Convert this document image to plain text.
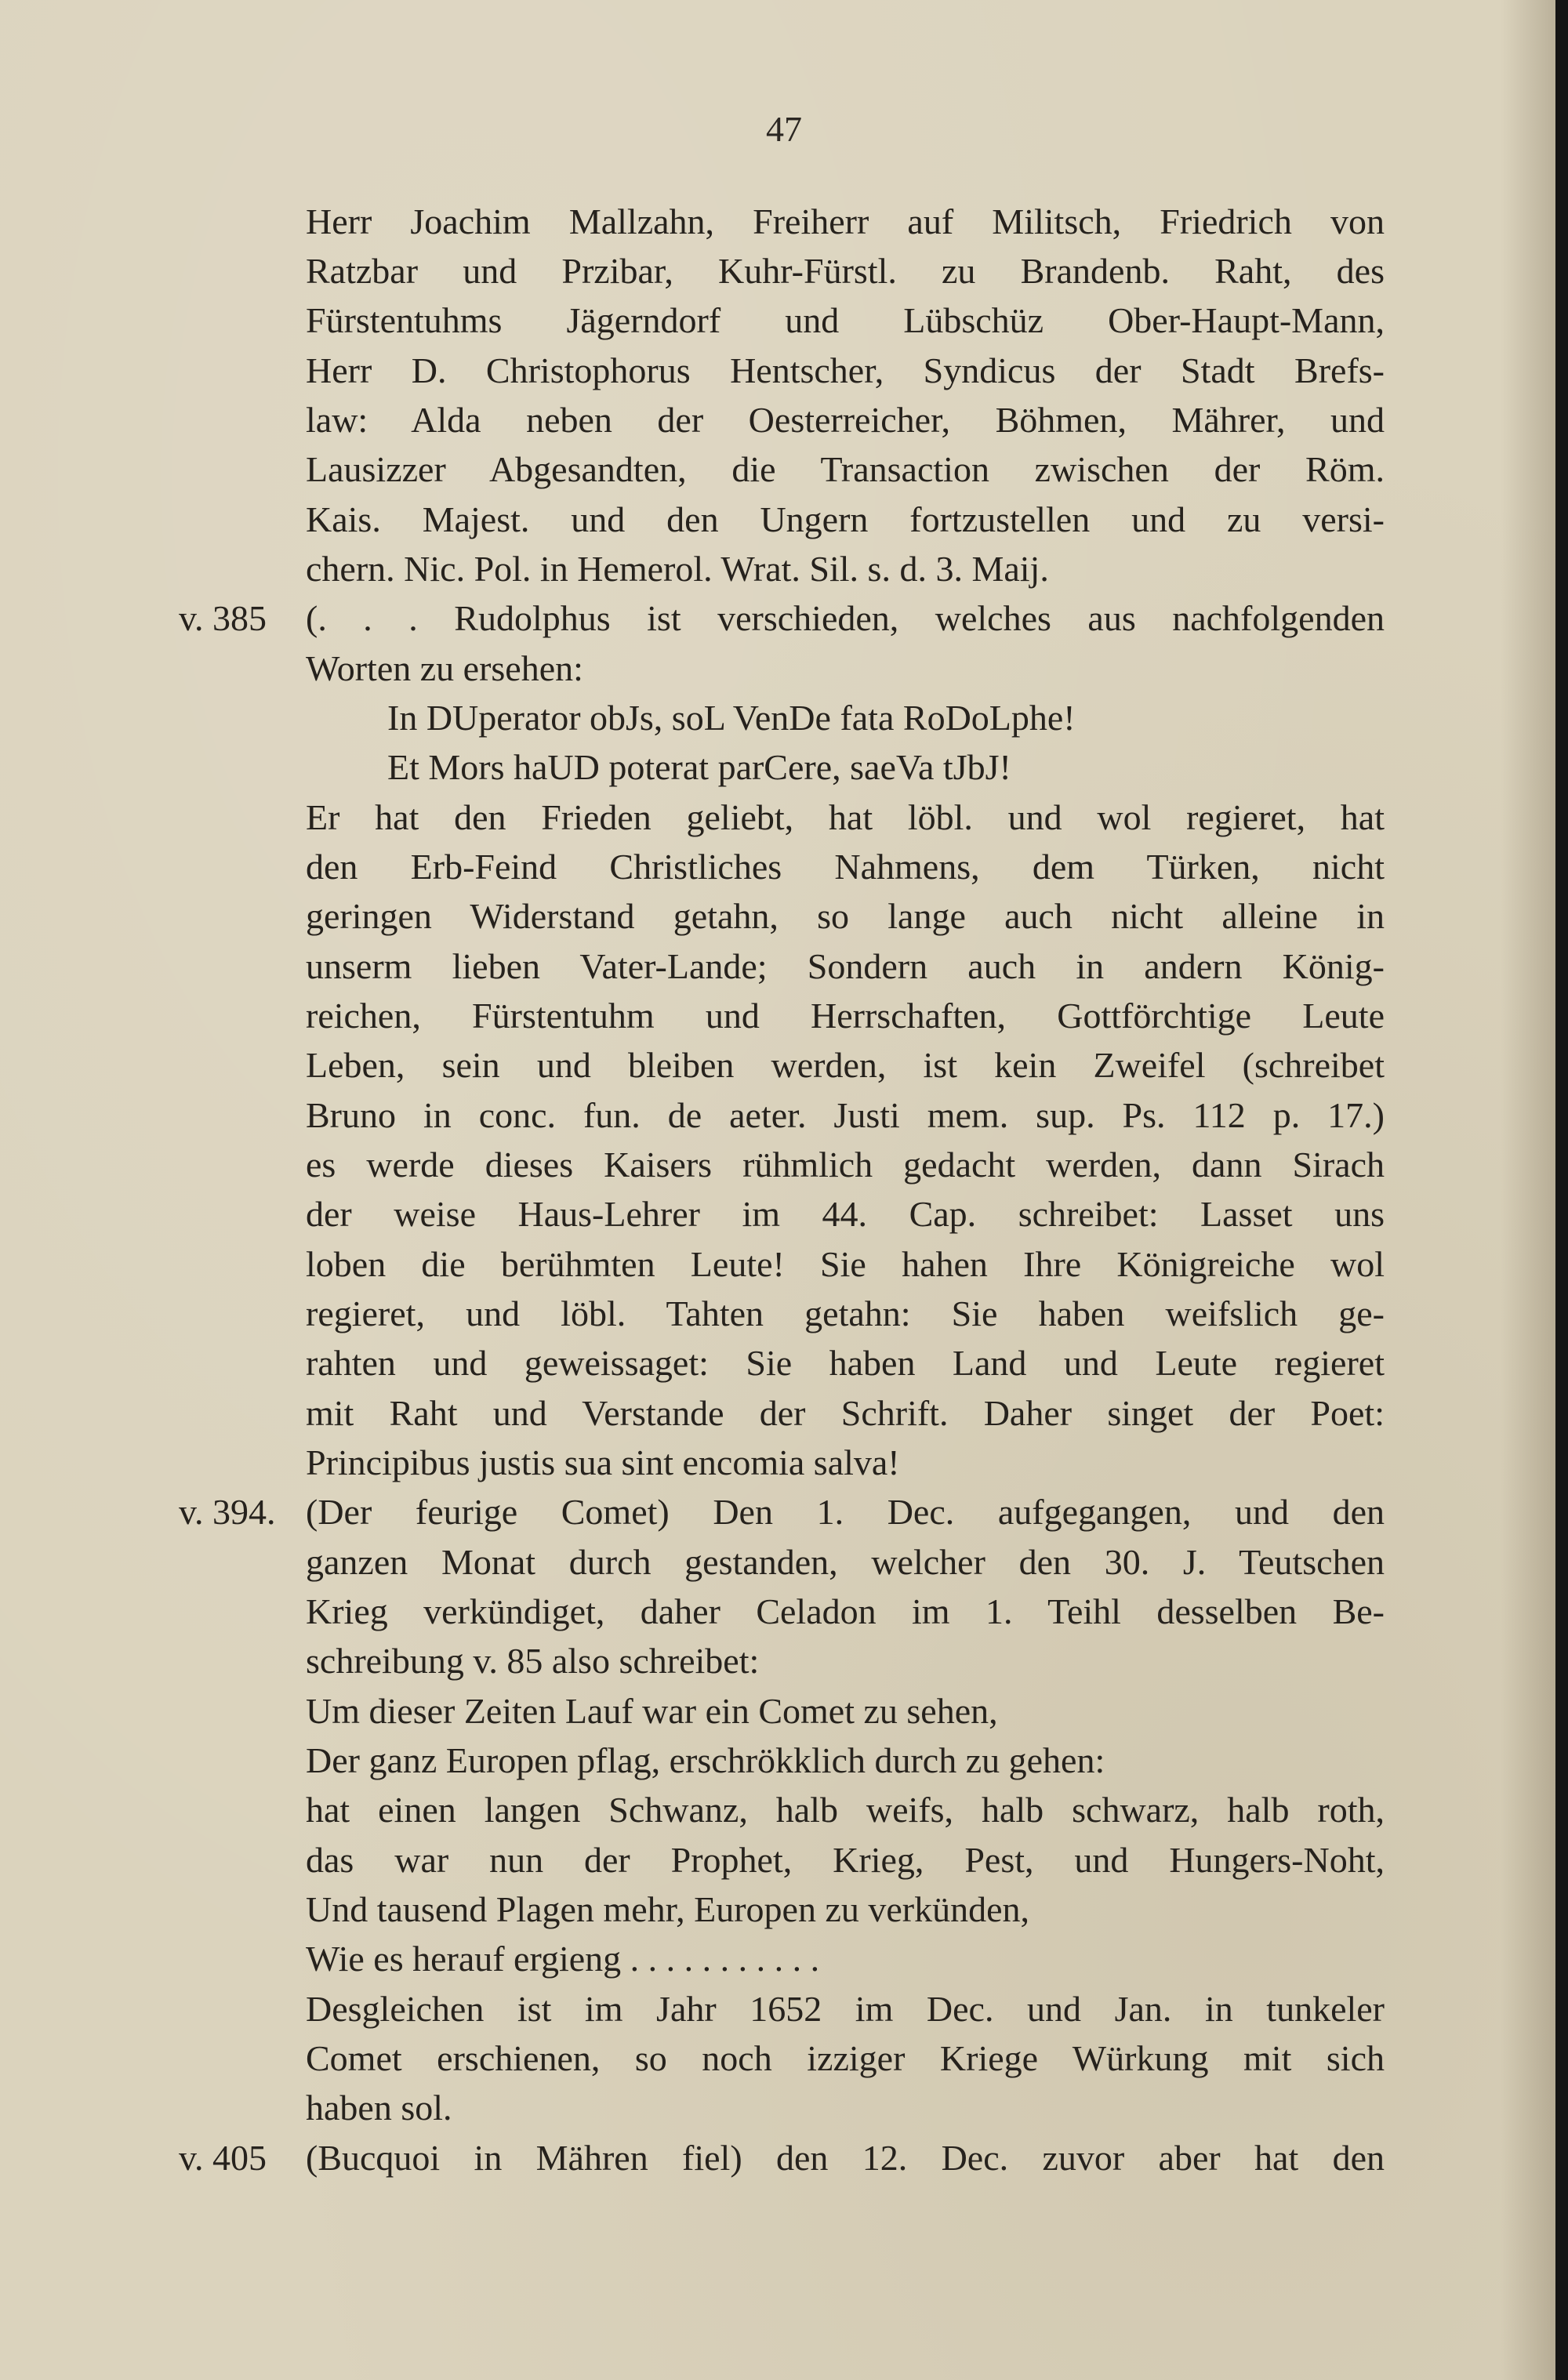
47
Herr Joachim Mallzahn, Freiherr auf Militsch, Friedrich von
Ratzbar und Przibar, Kuhr-Fürstl. zu Brandenb. Raht, des
Fürstentuhms Jägerndorf und Lübschüz Ober-Haupt-Mann,
Herr D. Christophorus Hentscher, Syndicus der Stadt Brefs-
law: Alda neben der Oesterreicher, Böhmen, Mährer, und
Lausizzer Abgesandten, die Transaction zwischen der Röm.
Kais. Majest. und den Ungern fortzustellen und zu versi-
chern. Nic. Pol. in Hemerol. Wrat. Sil. s. d. 3. Maij.
v. 385	(. . . Rudolphus ist verschieden, welches aus nachfolgenden
Worten zu ersehen:
In DUperator obJs, soL VenDe fata RoDoLphe!
Et Mors haUD poterat parCere, saeVa tJbJ!
Er hat den Frieden geliebt, hat löbl. und wol regieret, hat
den Erb-Feind Christliches Nahmens, dem Türken, nicht
geringen Widerstand getahn, so lange auch nicht alleine in
unserm lieben Vater-Lande; Sondern auch in andern König-
reichen, Fürstentuhm und Herrschaften, Gottförchtige Leute
Leben, sein und bleiben werden, ist kein Zweifel (schreibet
Bruno in conc. fun. de aeter. Justi mem. sup. Ps. 112 p. 17.)
es werde dieses Kaisers rühmlich gedacht werden, dann Sirach
der weise Haus-Lehrer im 44. Cap. schreibet: Lasset uns
loben die berühmten Leute! Sie hahen Ihre Königreiche wol
regieret, und löbl. Tahten getahn: Sie haben weifslich ge-
rahten und geweissaget: Sie haben Land und Leute regieret
mit Raht und Verstande der Schrift. Daher singet der Poet:
Principibus justis sua sint encomia salva!
v. 394. (Der feurige Comet) Den 1. Dec. aufgegangen, und den
ganzen Monat durch gestanden, welcher den 30. J. Teutschen
Krieg verkündiget, daher Celadon im 1. Teihl desselben Be-
schreibung v. 85 also schreibet:
Um dieser Zeiten Lauf war ein Comet zu sehen,
Der ganz Europen pflag, erschrökklich durch zu gehen:
hat einen langen Schwanz, halb weifs, halb schwarz, halb roth,
das war nun der Prophet, Krieg, Pest, und Hungers-Noht,
Und tausend Plagen mehr, Europen zu verkünden,
Wie es herauf ergieng . . . . . . . . . . .
Desgleichen ist im Jahr 1652 im Dec. und Jan. in tunkeler
Comet erschienen, so noch izziger Kriege Würkung mit sich
haben sol.
v. 405	(Bucquoi in Mähren fiel) den 12. Dec. zuvor aber hat den
